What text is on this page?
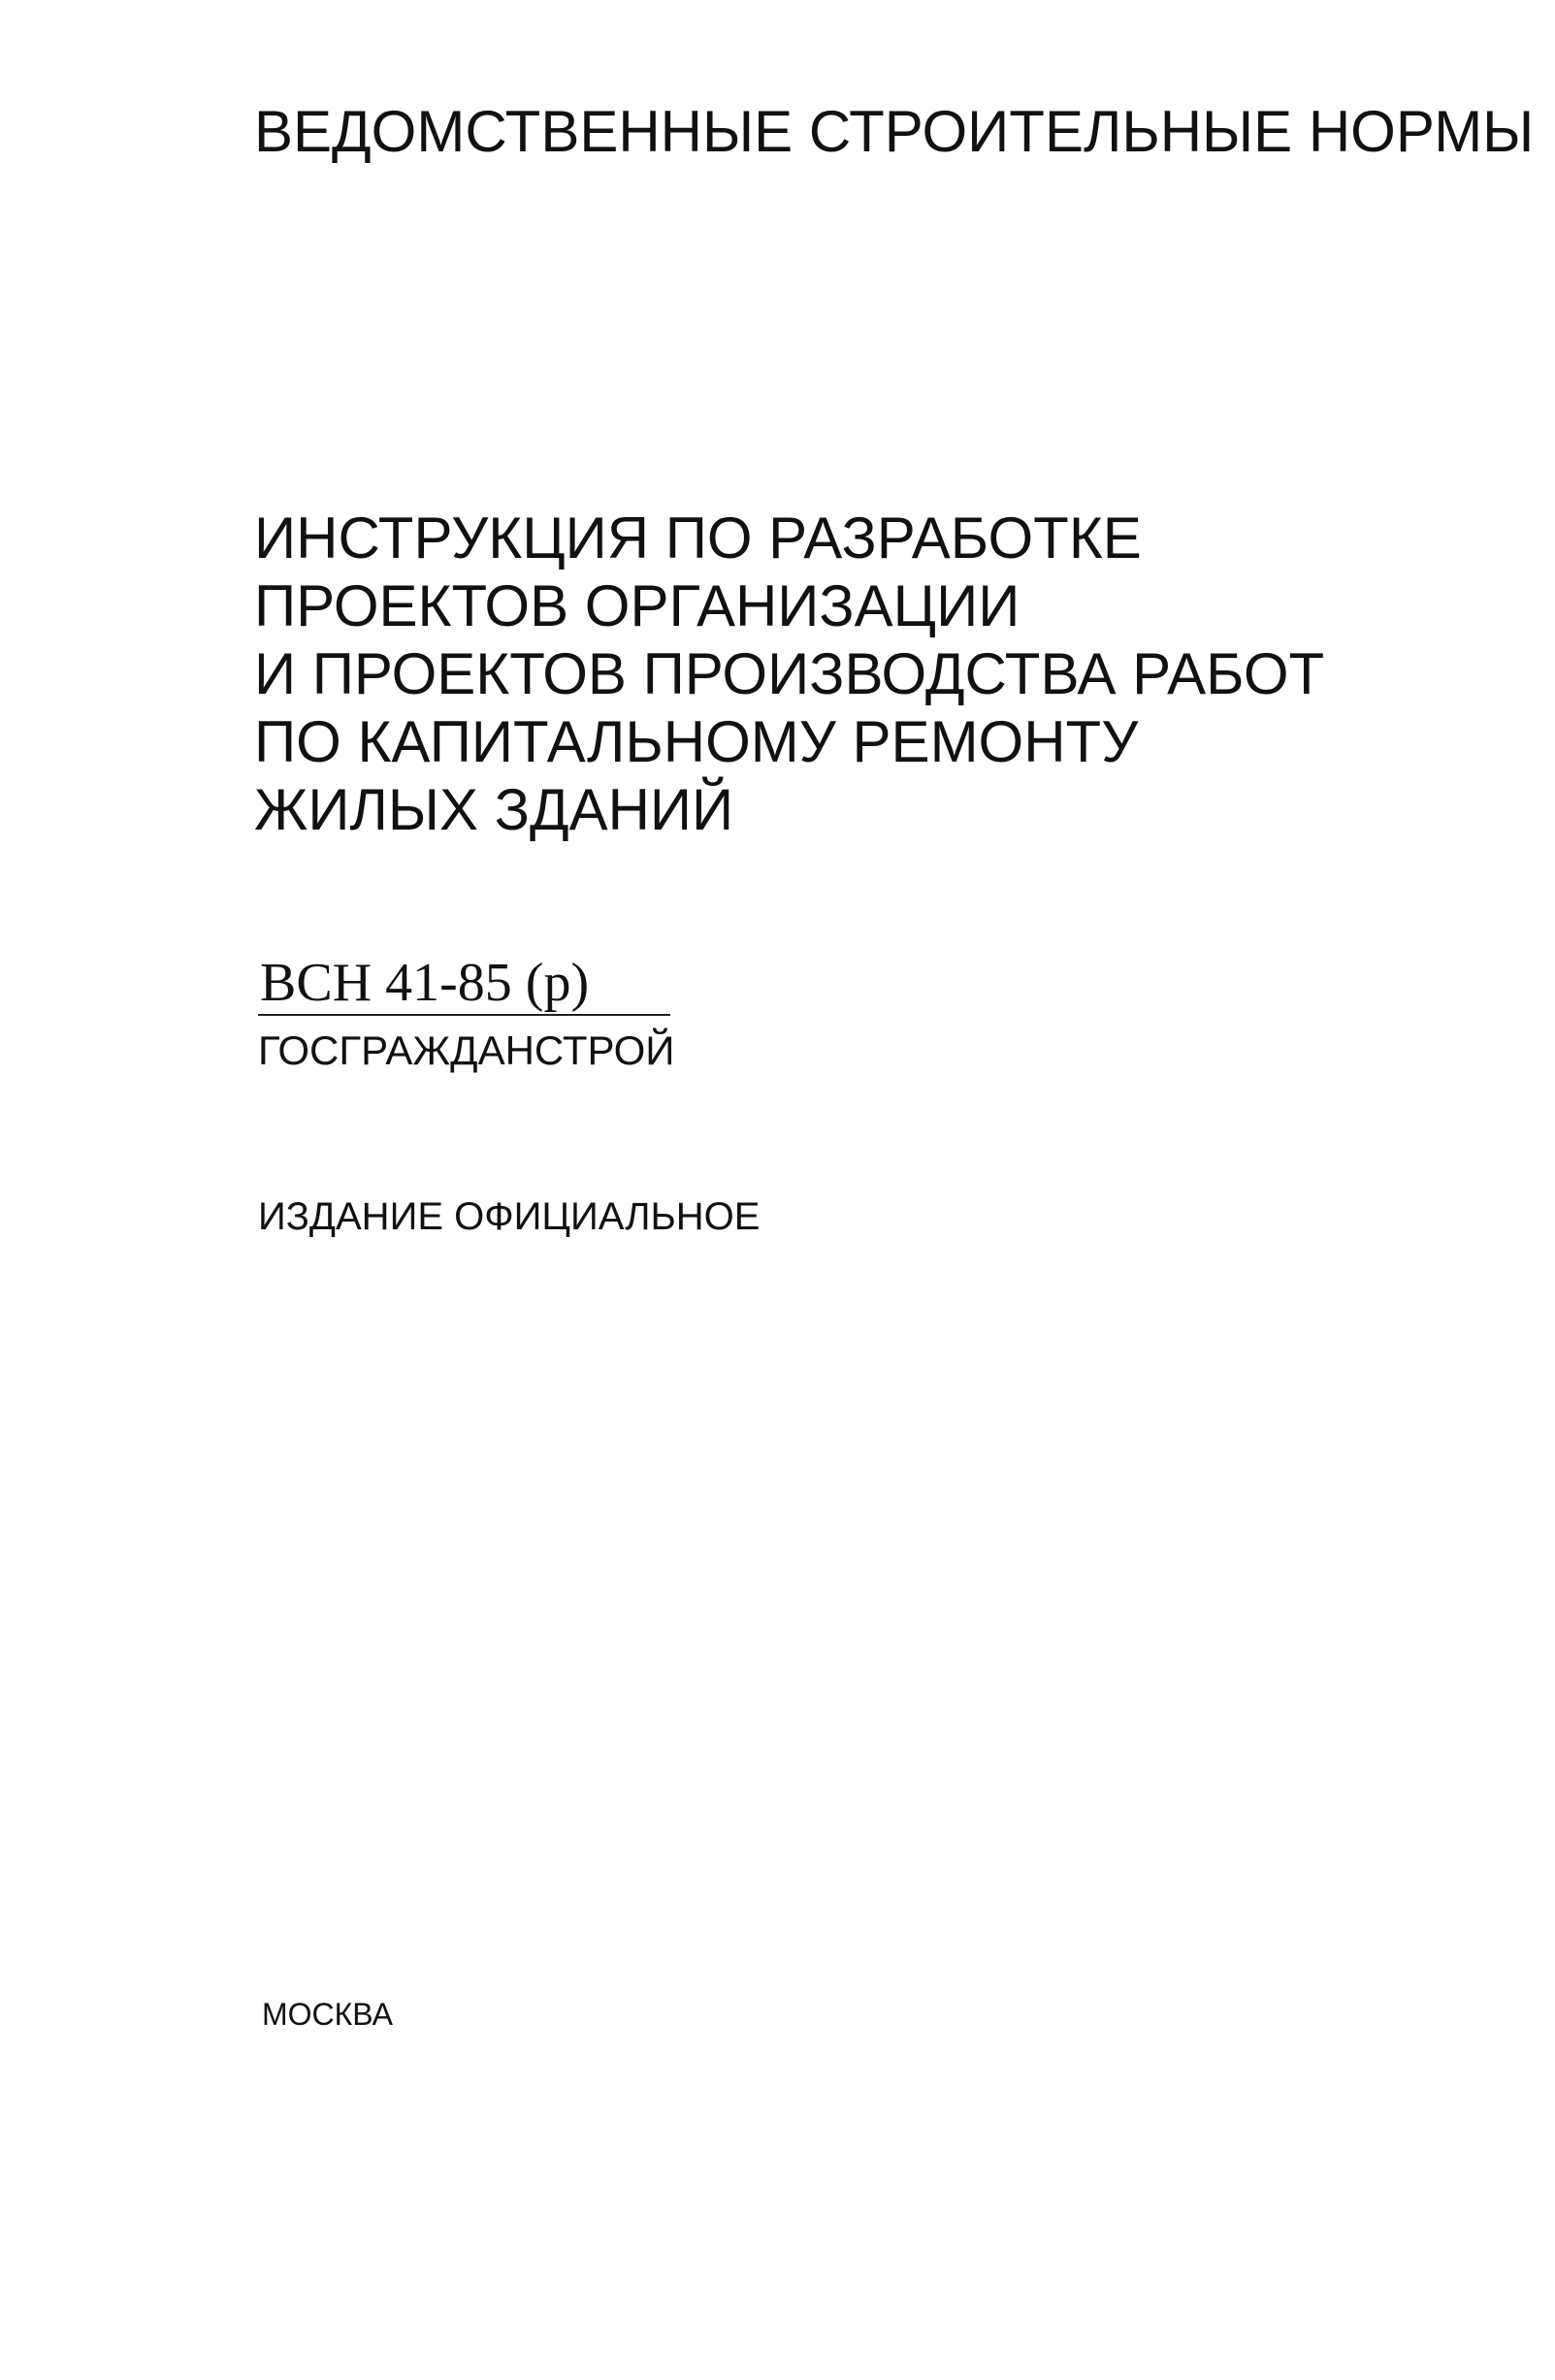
ВЕДОМСТВЕННЫЕ СТРОИТЕЛЬНЫЕ НОРМЫ
ИНСТРУКЦИЯ ПО РАЗРАБОТКЕ
ПРОЕКТОВ ОРГАНИЗАЦИИ
И ПРОЕКТОВ ПРОИЗВОДСТВА РАБОТ
ПО КАПИТАЛЬНОМУ РЕМОНТУ
ЖИЛЫХ ЗДАНИЙ
ВСН 41-85 (р)
ГОСГРАЖДАНСТРОЙ
ИЗДАНИЕ ОФИЦИАЛЬНОЕ
МОСКВА
